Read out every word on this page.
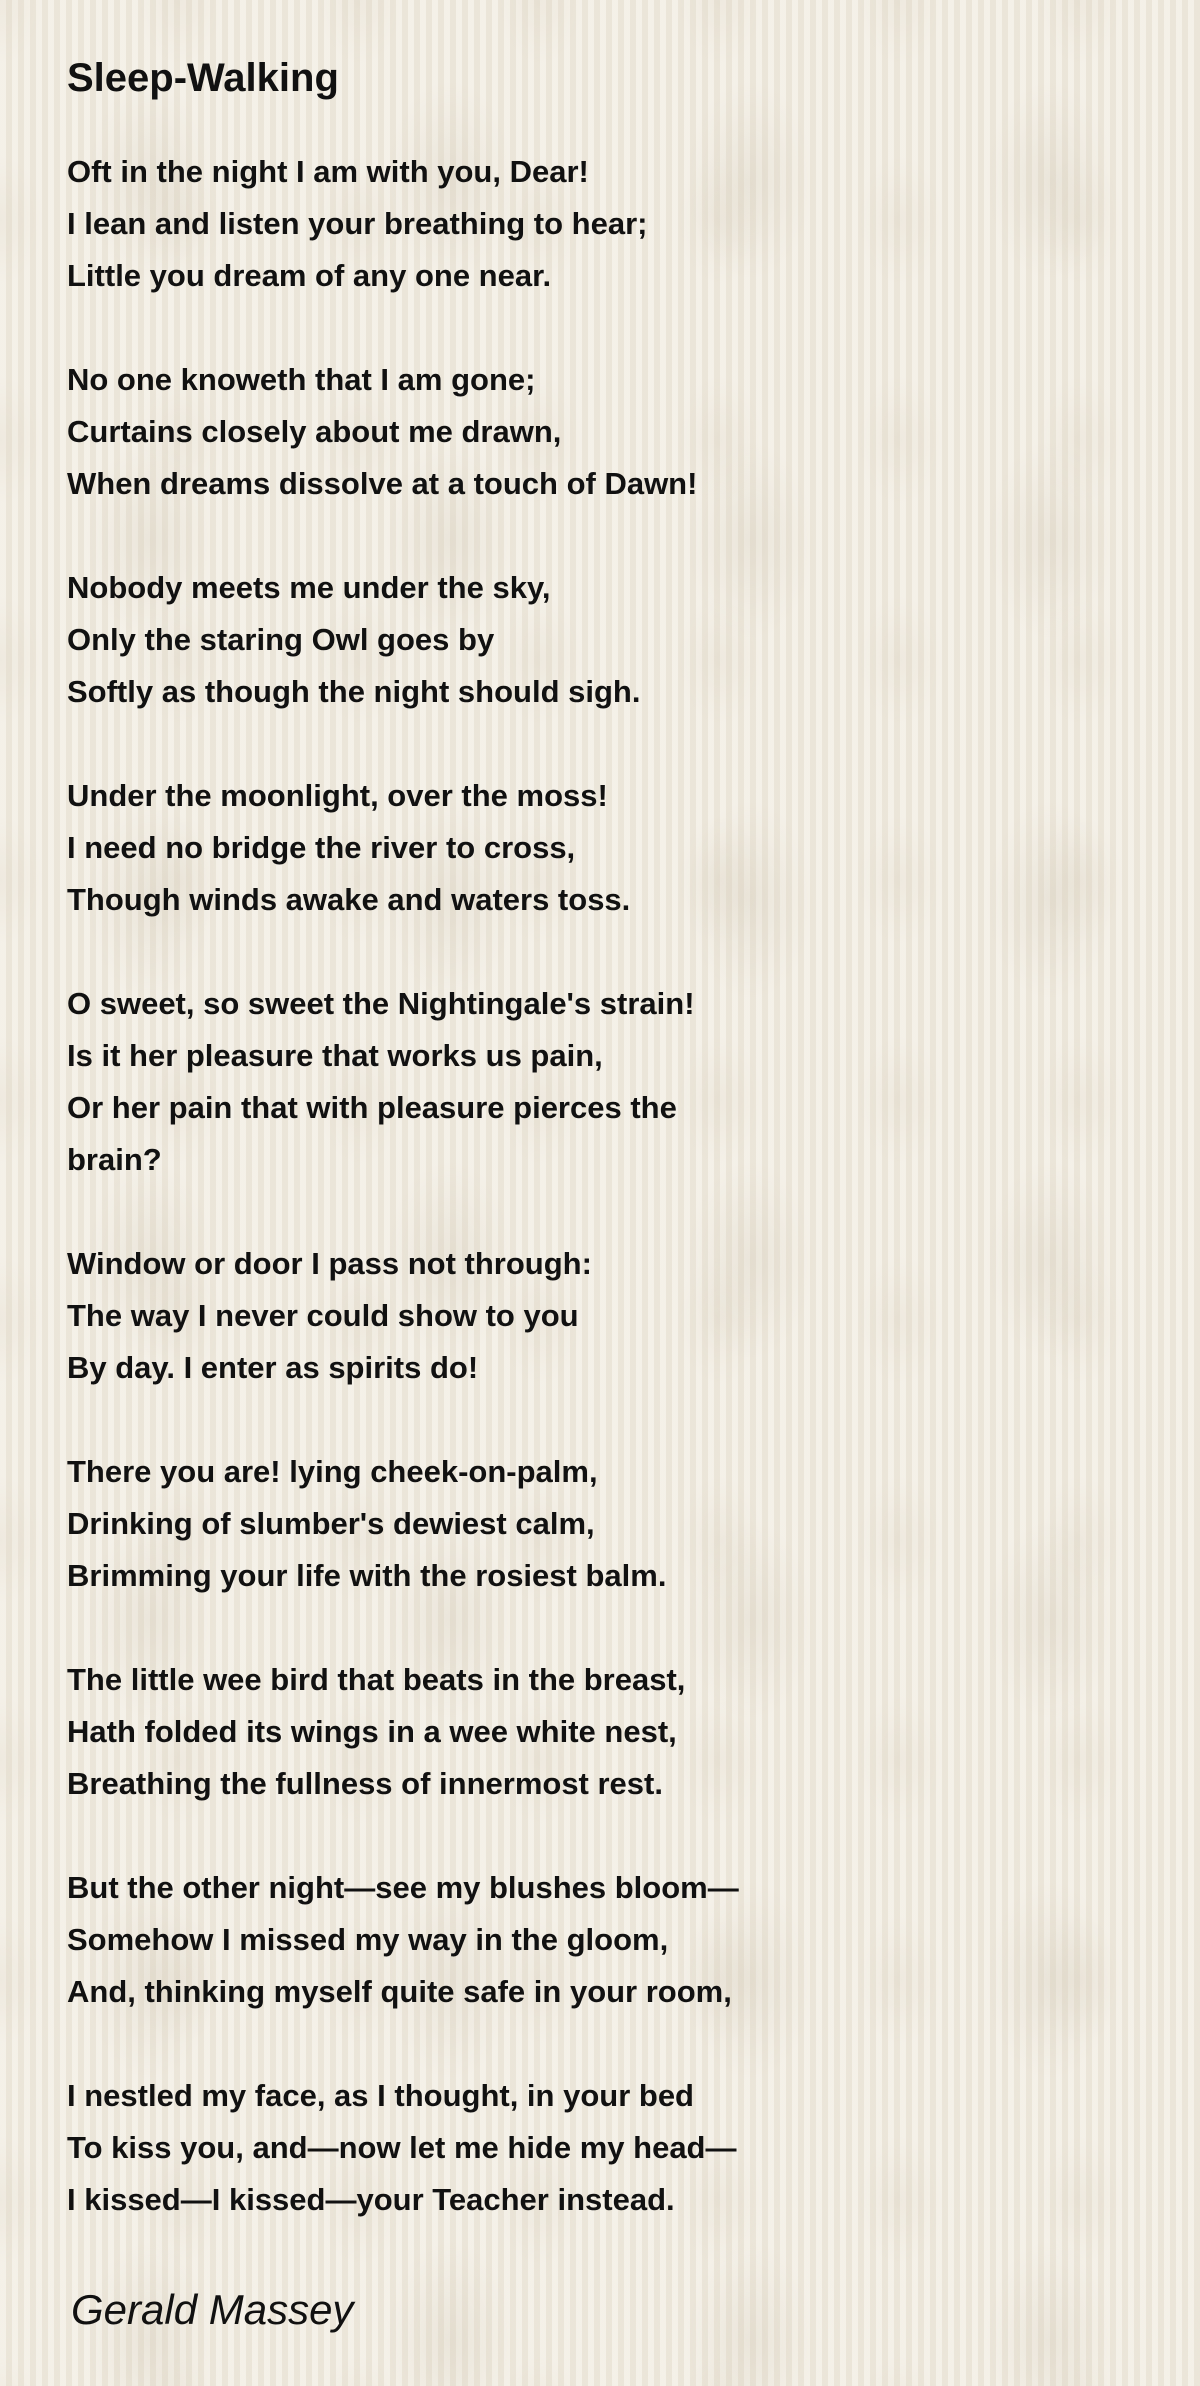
Sleep-Walking
Oft in the night I am with you, Dear!
I lean and listen your breathing to hear;
Little you dream of any one near.
No one knoweth that I am gone;
Curtains closely about me drawn,
When dreams dissolve at a touch of Dawn!
Nobody meets me under the sky,
Only the staring Owl goes by
Softly as though the night should sigh.
Under the moonlight, over the moss!
I need no bridge the river to cross,
Though winds awake and waters toss.
O sweet, so sweet the Nightingale's strain!
Is it her pleasure that works us pain,
Or her pain that with pleasure pierces the brain?
Window or door I pass not through:
The way I never could show to you
By day. I enter as spirits do!
There you are! lying cheek-on-palm,
Drinking of slumber's dewiest calm,
Brimming your life with the rosiest balm.
The little wee bird that beats in the breast,
Hath folded its wings in a wee white nest,
Breathing the fullness of innermost rest.
But the other night—see my blushes bloom—
Somehow I missed my way in the gloom,
And, thinking myself quite safe in your room,
I nestled my face, as I thought, in your bed
To kiss you, and—now let me hide my head—
I kissed—I kissed—your Teacher instead.
Gerald Massey
